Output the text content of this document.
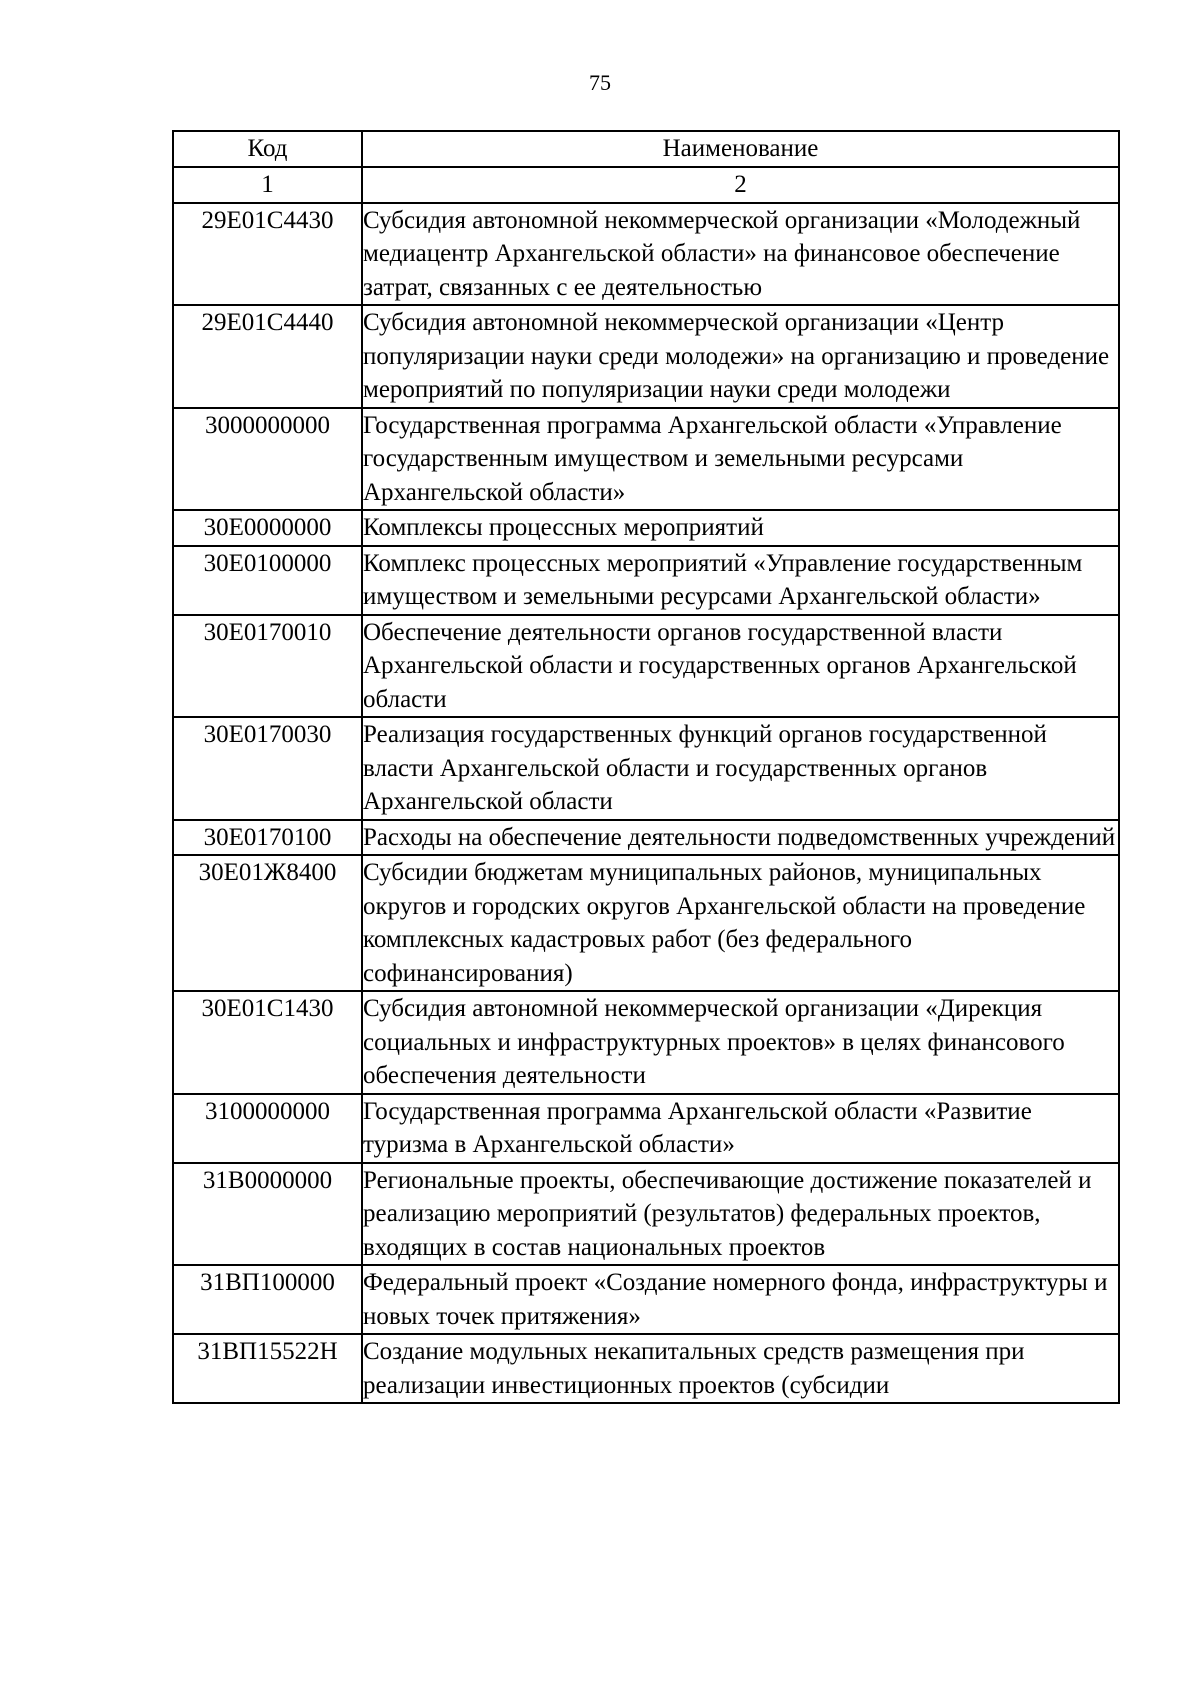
75
Код	Наименование
1	2
29Е01С4430	Субсидия автономной некоммерческой организации «Молодежный медиацентр Архангельской области» на финансовое обеспечение затрат, связанных с ее деятельностью
29Е01С4440	Субсидия автономной некоммерческой организации «Центр популяризации науки среди молодежи» на организацию и проведение мероприятий по популяризации науки среди молодежи
3000000000	Государственная программа Архангельской области «Управление государственным имуществом и земельными ресурсами Архангельской области»
30Е0000000	Комплексы процессных мероприятий
30Е0100000	Комплекс процессных мероприятий «Управление государственным имуществом и земельными ресурсами Архангельской области»
30Е0170010	Обеспечение деятельности органов государственной власти Архангельской области и государственных органов Архангельской области
30Е0170030	Реализация государственных функций органов государственной власти Архангельской области и государственных органов Архангельской области
30Е0170100	Расходы на обеспечение деятельности подведомственных учреждений
30Е01Ж8400	Субсидии бюджетам муниципальных районов, муниципальных округов и городских округов Архангельской области на проведение комплексных кадастровых работ (без федерального софинансирования)
30Е01С1430	Субсидия автономной некоммерческой организации «Дирекция социальных и инфраструктурных проектов» в целях финансового обеспечения деятельности
3100000000	Государственная программа Архангельской области «Развитие туризма в Архангельской области»
31В0000000	Региональные проекты, обеспечивающие достижение показателей и реализацию мероприятий (результатов) федеральных проектов, входящих в состав национальных проектов
31ВП100000	Федеральный проект «Создание номерного фонда, инфраструктуры и новых точек притяжения»
31ВП15522Н	Создание модульных некапитальных средств размещения при реализации инвестиционных проектов (субсидии
